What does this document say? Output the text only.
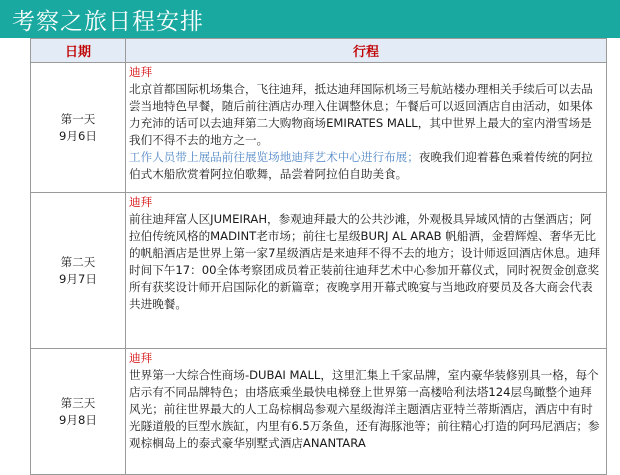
考察之旅日程安排
日期	行程

第一天
9月6日	迪拜
北京首都国际机场集合，飞往迪拜，抵达迪拜国际机场三号航站楼办理相关手续后可以去品尝当地特色早餐，随后前往酒店办理入住调整休息；午餐后可以返回酒店自由活动，如果体力充沛的话可以去迪拜第二大购物商场EMIRATES MALL，其中世界上最大的室内滑雪场是我们不得不去的地方之一。
工作人员带上展品前往展览场地迪拜艺术中心进行布展；夜晚我们迎着暮色乘着传统的阿拉伯式木船欣赏着阿拉伯歌舞，品尝着阿拉伯自助美食。

第二天
9月7日	迪拜
前往迪拜富人区JUMEIRAH，参观迪拜最大的公共沙滩，外观极具异域风情的古堡酒店；阿拉伯传统风格的MADINT老市场；前往七星级BURJ AL ARAB 帆船酒，金碧辉煌、奢华无比的帆船酒店是世界上第一家7星级酒店是来迪拜不得不去的地方；设计师返回酒店休息。迪拜时间下午17：00全体考察团成员着正装前往迪拜艺术中心参加开幕仪式，同时祝贺金创意奖所有获奖设计师开启国际化的新篇章；夜晚享用开幕式晚宴与当地政府要员及各大商会代表共进晚餐。

第三天
9月8日	迪拜
世界第一大综合性商场-DUBAI MALL，这里汇集上千家品牌，室内豪华装修别具一格，每个店示有不同品牌特色；由塔底乘坐最快电梯登上世界第一高楼哈利法塔124层鸟瞰整个迪拜风光；前往世界最大的人工岛棕榈岛参观六星级海洋主题酒店亚特兰蒂斯酒店，酒店中有时光隧道般的巨型水族缸，内里有6.5万条鱼，还有海豚池等；前往精心打造的阿玛尼酒店；参观棕榈岛上的泰式豪华别墅式酒店ANANTARA
